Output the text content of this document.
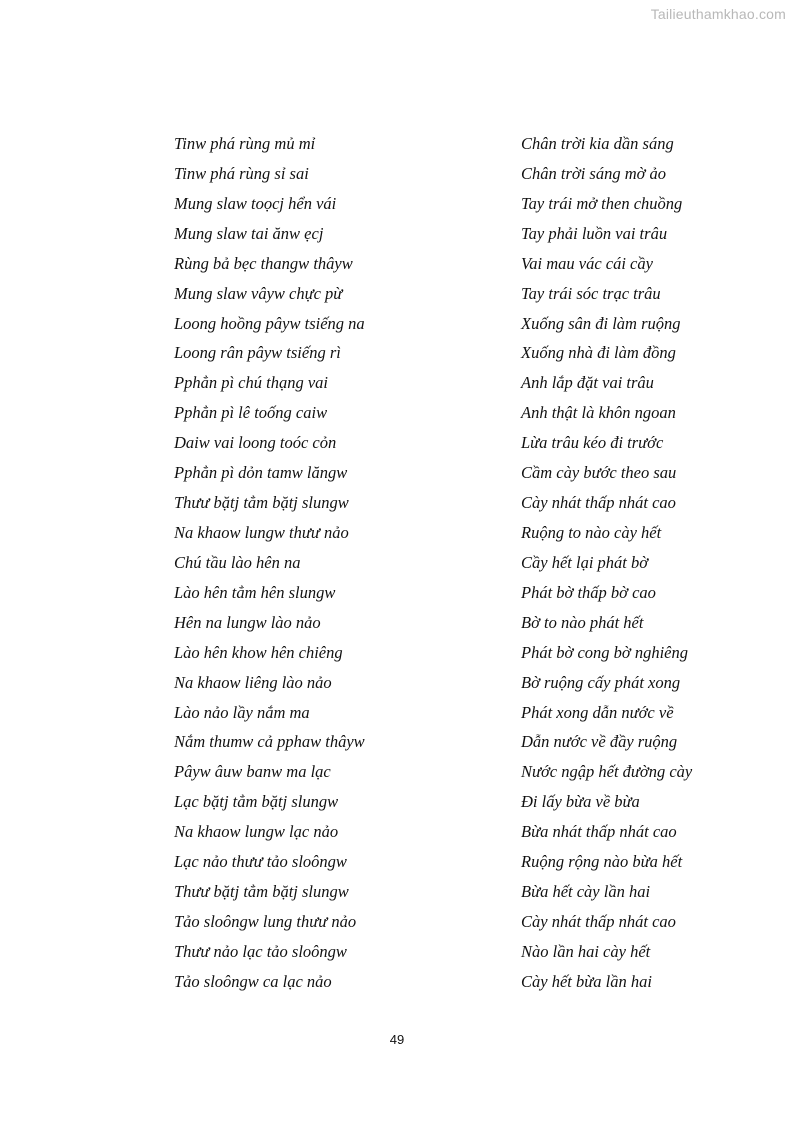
Tailieuthamkhao.com
Tinw phá rùng mủ mỉ
Tinw phá rùng sỉ sai
Mung slaw toọcj hển vái
Mung slaw tai ănw ẹcj
Rùng bả bẹc thangw thâyw
Mung slaw vâyw chực pừ
Loong hoồng pâyw tsiếng na
Loong rân pâyw tsiếng rì
Pphẳn pì chú thạng vai
Pphẳn pì lê toống caiw
Daiw vai loong toóc cỏn
Pphẳn pì dỏn tamw lăngw
Thưư bặtj tẳm bặtj slungw
Na khaow lungw thưư nảo
Chú tầu lào hên na
Lào hên tẳm hên slungw
Hên na lungw lào nảo
Lào hên khow hên chiêng
Na khaow liêng lào nảo
Lào nảo lầy nắm ma
Nắm thumw cả pphaw thâyw
Pâyw âuw banw ma lạc
Lạc bặtj tẳm bặtj slungw
Na khaow lungw lạc nảo
Lạc nảo thưư tảo sloôngw
Thưư bặtj tẳm bặtj slungw
Tảo sloôngw lung thưư nảo
Thưư nảo lạc tảo sloôngw
Tảo sloôngw ca lạc nảo
Chân trời kia dần sáng
Chân trời sáng mờ ảo
Tay trái mở then chuồng
Tay phải luồn vai trâu
Vai mau vác cái cầy
Tay trái sóc trạc trâu
Xuống sân đi làm ruộng
Xuống nhà đi làm đồng
Anh lắp đặt vai trâu
Anh thật là khôn ngoan
Lừa trâu kéo đi trước
Cầm cày bước theo sau
Cày nhát thấp nhát cao
Ruộng to nào cày hết
Cầy hết lại phát bờ
Phát bờ thấp bờ cao
Bờ to nào phát hết
Phát bờ cong bờ nghiêng
Bờ ruộng cấy phát xong
Phát xong dẫn nước về
Dẫn nước về đầy ruộng
Nước ngập hết đường cày
Đi lấy bừa về bừa
Bừa nhát thấp nhát cao
Ruộng rộng nào bừa hết
Bừa hết cày lần hai
Cày nhát thấp nhát cao
Nào lần hai cày hết
Cày hết bừa lần hai
49
